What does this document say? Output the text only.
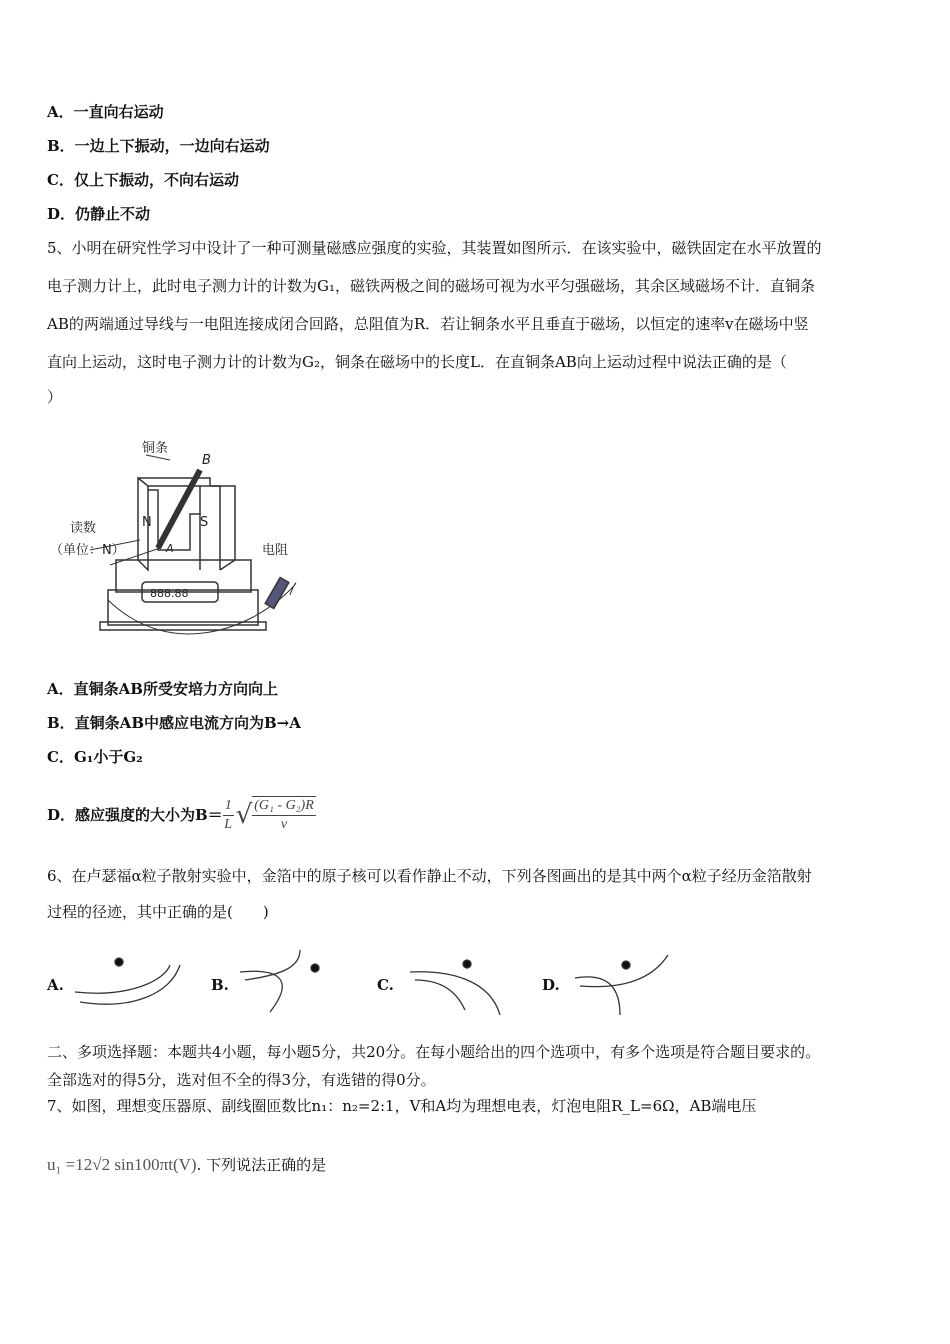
A．一直向右运动
B．一边上下振动，一边向右运动
C．仅上下振动，不向右运动
D．仍静止不动
5、小明在研究性学习中设计了一种可测量磁感应强度的实验，其装置如图所示．在该实验中，磁铁固定在水平放置的
电子测力计上，此时电子测力计的计数为G₁，磁铁两极之间的磁场可视为水平匀强磁场，其余区域磁场不计．直铜条
AB的两端通过导线与一电阻连接成闭合回路，总阻值为R．若让铜条水平且垂直于磁场，以恒定的速率v在磁场中竖
直向上运动，这时电子测力计的计数为G₂，铜条在磁场中的长度L．在直铜条AB向上运动过程中说法正确的是（
）
铜条
B
N	S
A
读数
（单位：N）	电阻
888.88
A．直铜条AB所受安培力方向向上
B．直铜条AB中感应电流方向为B→A
C．G₁小于G₂
D．感应强度的大小为B＝
1
L √ (G₁ - G₂)R
v
6、在卢瑟福α粒子散射实验中，金箔中的原子核可以看作静止不动，下列各图画出的是其中两个α粒子经历金箔散射
过程的径迹，其中正确的是(　　)
A.	B.	C.	D.
二、多项选择题：本题共4小题，每小题5分，共20分。在每小题给出的四个选项中，有多个选项是符合题目要求的。
全部选对的得5分，选对但不全的得3分，有选错的得0分。
7、如图，理想变压器原、副线圈匝数比n₁：n₂=2:1，V和A均为理想电表，灯泡电阻R_L=6Ω，AB端电压
u₁ =12√2 sin100πt(V). 下列说法正确的是
